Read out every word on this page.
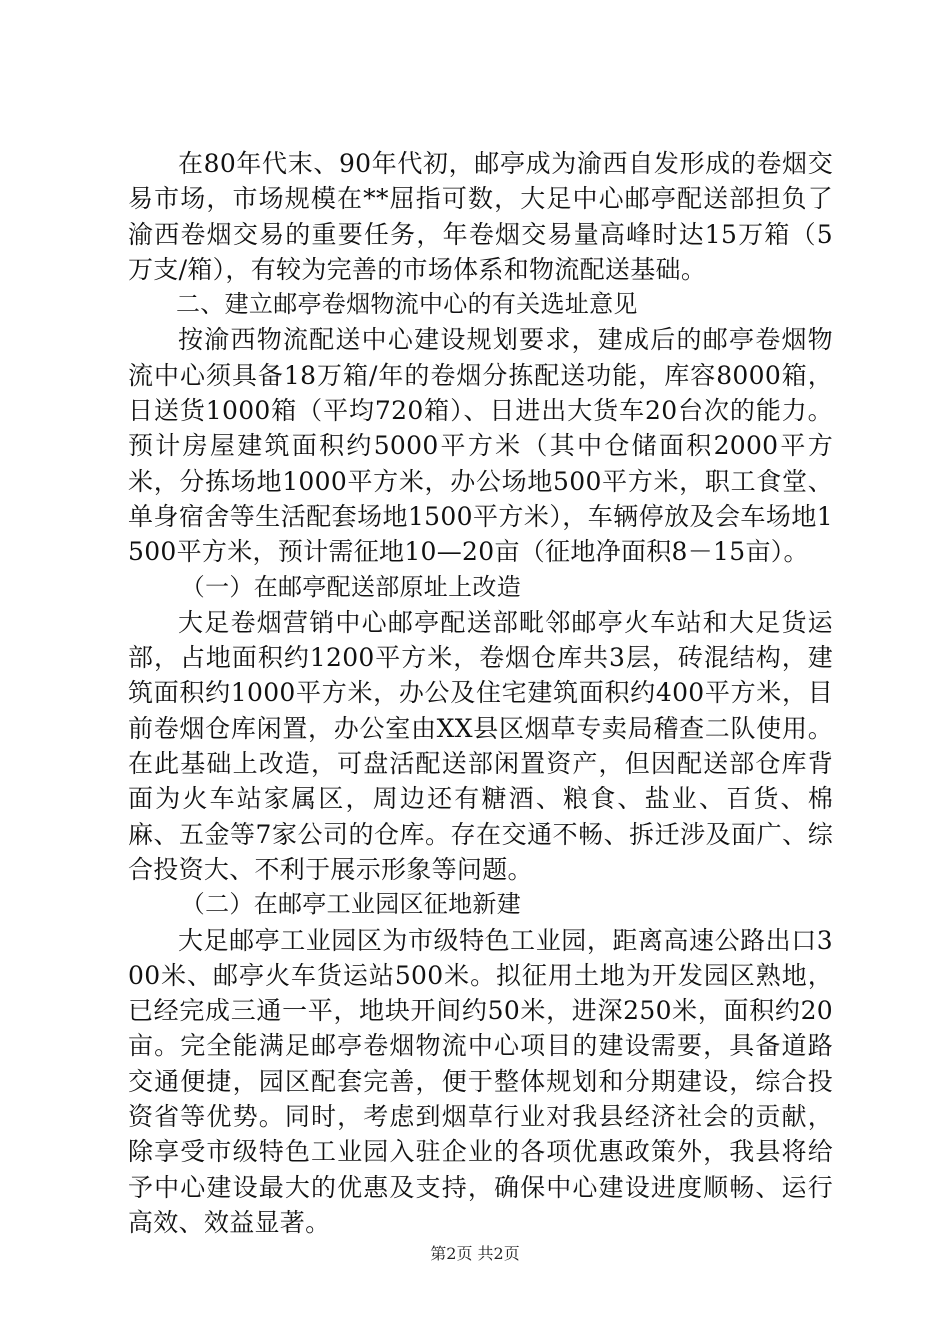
在80年代末、90年代初，邮亭成为渝西自发形成的卷烟交易市场，市场规模在**屈指可数，大足中心邮亭配送部担负了渝西卷烟交易的重要任务，年卷烟交易量高峰时达15万箱（5万支/箱），有较为完善的市场体系和物流配送基础。

二、建立邮亭卷烟物流中心的有关选址意见

按渝西物流配送中心建设规划要求，建成后的邮亭卷烟物流中心须具备18万箱/年的卷烟分拣配送功能，库容8000箱，日送货1000箱（平均720箱）、日进出大货车20台次的能力。预计房屋建筑面积约5000平方米（其中仓储面积2000平方米，分拣场地1000平方米，办公场地500平方米，职工食堂、单身宿舍等生活配套场地1500平方米），车辆停放及会车场地1500平方米，预计需征地10—20亩（征地净面积8－15亩）。

（一）在邮亭配送部原址上改造

大足卷烟营销中心邮亭配送部毗邻邮亭火车站和大足货运部，占地面积约1200平方米，卷烟仓库共3层，砖混结构，建筑面积约1000平方米，办公及住宅建筑面积约400平方米，目前卷烟仓库闲置，办公室由XX县区烟草专卖局稽查二队使用。在此基础上改造，可盘活配送部闲置资产，但因配送部仓库背面为火车站家属区，周边还有糖酒、粮食、盐业、百货、棉麻、五金等7家公司的仓库。存在交通不畅、拆迁涉及面广、综合投资大、不利于展示形象等问题。

（二）在邮亭工业园区征地新建

大足邮亭工业园区为市级特色工业园，距离高速公路出口300米、邮亭火车货运站500米。拟征用土地为开发园区熟地，已经完成三通一平，地块开间约50米，进深250米，面积约20亩。完全能满足邮亭卷烟物流中心项目的建设需要，具备道路交通便捷，园区配套完善，便于整体规划和分期建设，综合投资省等优势。同时，考虑到烟草行业对我县经济社会的贡献，除享受市级特色工业园入驻企业的各项优惠政策外，我县将给予中心建设最大的优惠及支持，确保中心建设进度顺畅、运行高效、效益显著。

第2页 共2页
